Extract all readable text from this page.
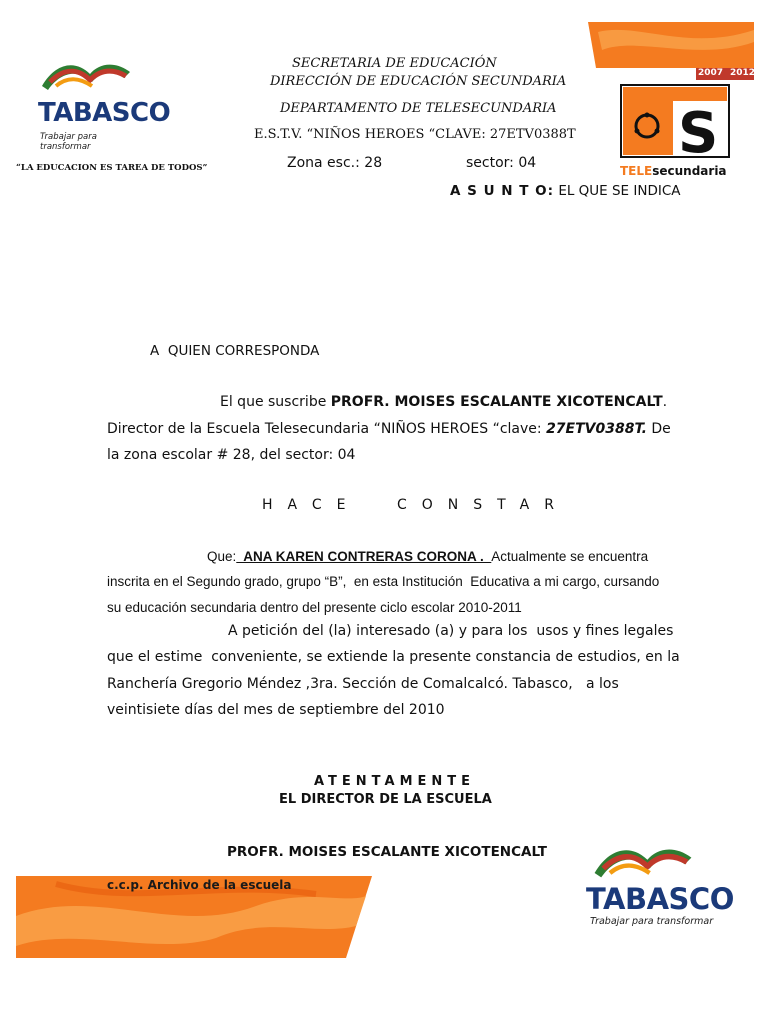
2007 2012
TABASCO
Trabajar para transformar
“LA EDUCACION ES TAREA DE TODOS”
SECRETARIA DE EDUCACIÓN
DIRECCIÓN DE EDUCACIÓN SECUNDARIA
DEPARTAMENTO DE TELESECUNDARIA
E.S.T.V. “NIÑOS HEROES “CLAVE: 27ETV0388T
Zona esc.: 28	sector: 04
A S U N T O: EL QUE SE INDICA
S
TELEsecundaria
A  QUIEN CORRESPONDA
El que suscribe PROFR. MOISES ESCALANTE XICOTENCALT.
Director de la Escuela Telesecundaria “NIÑOS HEROES “clave: 27ETV0388T. De
la zona escolar # 28, del sector: 04
HACE	CONSTAR
Que:  ANA KAREN CONTRERAS CORONA .  Actualmente se encuentra
inscrita en el Segundo grado, grupo “B”,  en esta Institución  Educativa a mi cargo, cursando
su educación secundaria dentro del presente ciclo escolar 2010-2011
A petición del (la) interesado (a) y para los  usos y fines legales
que el estime  conveniente, se extiende la presente constancia de estudios, en la
Ranchería Gregorio Méndez ,3ra. Sección de Comalcalcó. Tabasco,   a los
veintisiete días del mes de septiembre del 2010
ATENTAMENTE
EL DIRECTOR DE LA ESCUELA
PROFR. MOISES ESCALANTE XICOTENCALT
c.c.p. Archivo de la escuela	TABASCO
Trabajar para transformar
